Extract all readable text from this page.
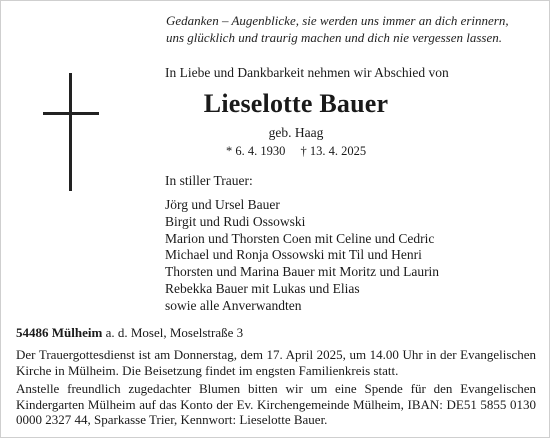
Gedanken – Augenblicke, sie werden uns immer an dich erinnern,
uns glücklich und traurig machen und dich nie vergessen lassen.
In Liebe und Dankbarkeit nehmen wir Abschied von
Lieselotte Bauer
geb. Haag
* 6. 4. 1930 † 13. 4. 2025
In stiller Trauer:
Jörg und Ursel Bauer
Birgit und Rudi Ossowski
Marion und Thorsten Coen mit Celine und Cedric
Michael und Ronja Ossowski mit Til und Henri
Thorsten und Marina Bauer mit Moritz und Laurin
Rebekka Bauer mit Lukas und Elias
sowie alle Anverwandten
54486 Mülheim a. d. Mosel, Moselstraße 3

Der Trauergottesdienst ist am Donnerstag, dem 17. April 2025, um 14.00 Uhr in der Evangelischen Kirche in Mülheim. Die Beisetzung findet im engsten Familienkreis statt.

Anstelle freundlich zugedachter Blumen bitten wir um eine Spende für den Evangelischen Kindergarten Mülheim auf das Konto der Ev. Kirchengemeinde Mülheim, IBAN: DE51 5855 0130 0000 2327 44, Sparkasse Trier, Kennwort: Lieselotte Bauer.
